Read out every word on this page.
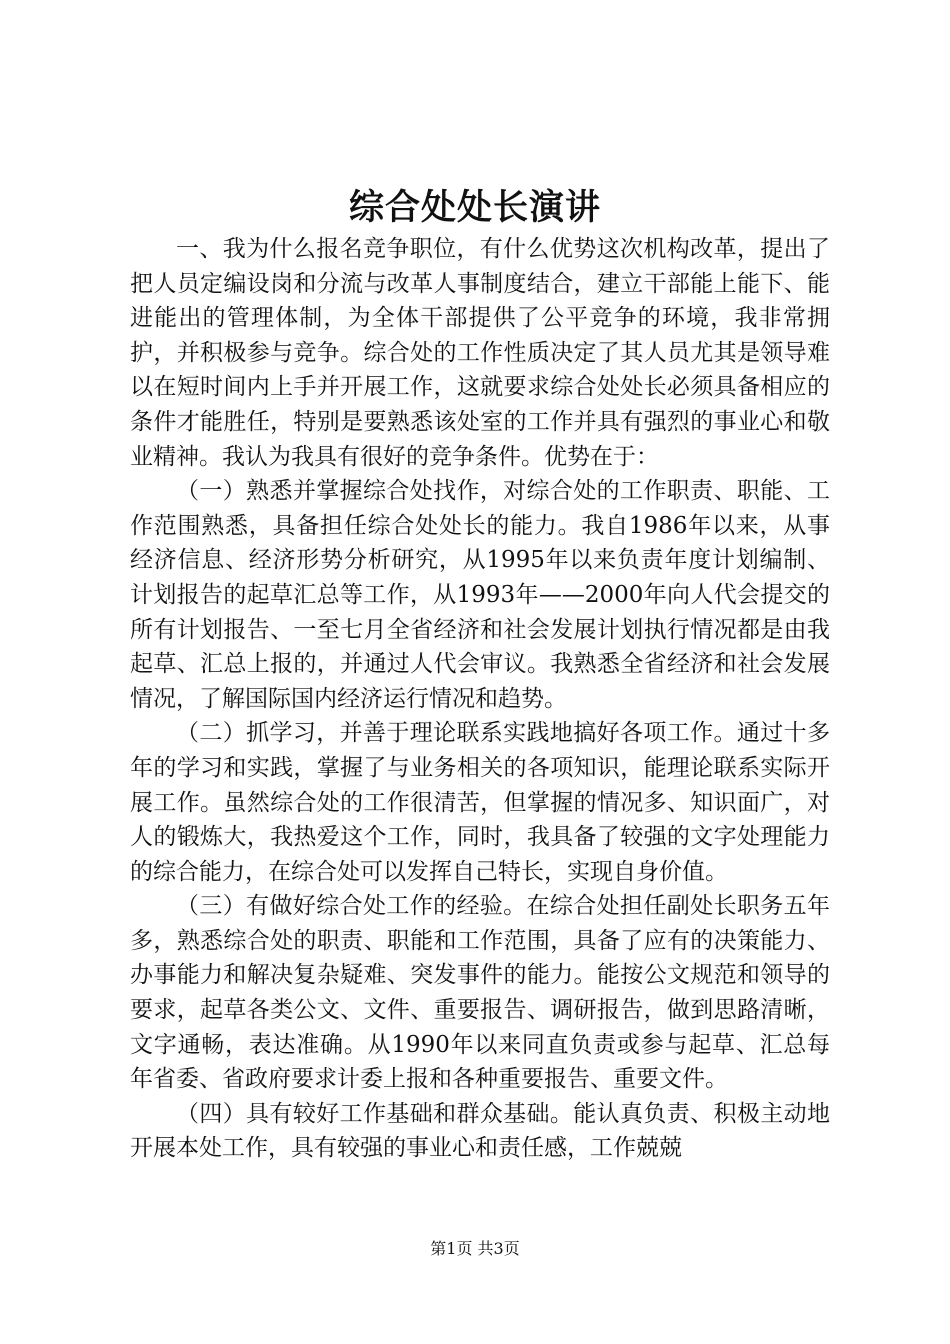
综合处处长演讲

一、我为什么报名竞争职位，有什么优势这次机构改革，提出了把人员定编设岗和分流与改革人事制度结合，建立干部能上能下、能进能出的管理体制，为全体干部提供了公平竞争的环境，我非常拥护，并积极参与竞争。综合处的工作性质决定了其人员尤其是领导难以在短时间内上手并开展工作，这就要求综合处处长必须具备相应的条件才能胜任，特别是要熟悉该处室的工作并具有强烈的事业心和敬业精神。我认为我具有很好的竞争条件。优势在于：

（一）熟悉并掌握综合处找作，对综合处的工作职责、职能、工作范围熟悉，具备担任综合处处长的能力。我自1986年以来，从事经济信息、经济形势分析研究，从1995年以来负责年度计划编制、计划报告的起草汇总等工作，从1993年——2000年向人代会提交的所有计划报告、一至七月全省经济和社会发展计划执行情况都是由我起草、汇总上报的，并通过人代会审议。我熟悉全省经济和社会发展情况，了解国际国内经济运行情况和趋势。

（二）抓学习，并善于理论联系实践地搞好各项工作。通过十多年的学习和实践，掌握了与业务相关的各项知识，能理论联系实际开展工作。虽然综合处的工作很清苦，但掌握的情况多、知识面广，对人的锻炼大，我热爱这个工作，同时，我具备了较强的文字处理能力的综合能力，在综合处可以发挥自己特长，实现自身价值。

（三）有做好综合处工作的经验。在综合处担任副处长职务五年多，熟悉综合处的职责、职能和工作范围，具备了应有的决策能力、办事能力和解决复杂疑难、突发事件的能力。能按公文规范和领导的要求，起草各类公文、文件、重要报告、调研报告，做到思路清晰，文字通畅，表达准确。从1990年以来同直负责或参与起草、汇总每年省委、省政府要求计委上报和各种重要报告、重要文件。

（四）具有较好工作基础和群众基础。能认真负责、积极主动地开展本处工作，具有较强的事业心和责任感，工作兢兢

第1页 共3页
